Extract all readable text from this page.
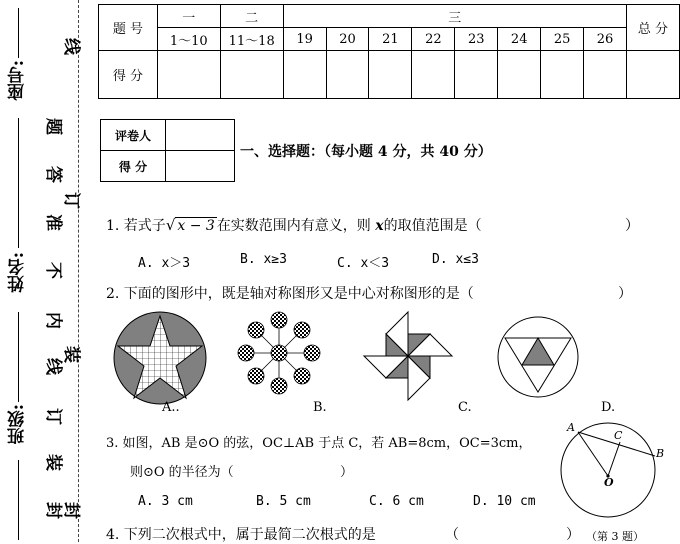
座号:
姓名:
班级:
线
题
答
订
准
不
内
装
线
订
装
封
封
题 号	一	二	三								总 分
	1～10	11～18	19	20	21	22	23	24	25	26	
得 分											
评卷人	
得 分	
一、选择题：（每小题 4 分，共 40 分）
1. 若式子√ x − 3 在实数范围内有意义，则 x的取值范围是（	）
A. x＞3	B. x≥3	C. x＜3	D. x≤3
2. 下面的图形中，既是轴对称图形又是中心对称图形的是（	）
A..	B.	C.	D.
3. 如图，AB 是⊙O 的弦，OC⊥AB 于点 C，若 AB=8cm，OC=3cm，
则⊙O 的半径为（	）
A. 3 cm	B. 5 cm	C. 6 cm	D. 10 cm
A
C
B
O
（第 3 题）
4. 下列二次根式中，属于最简二次根式的是	（	）
